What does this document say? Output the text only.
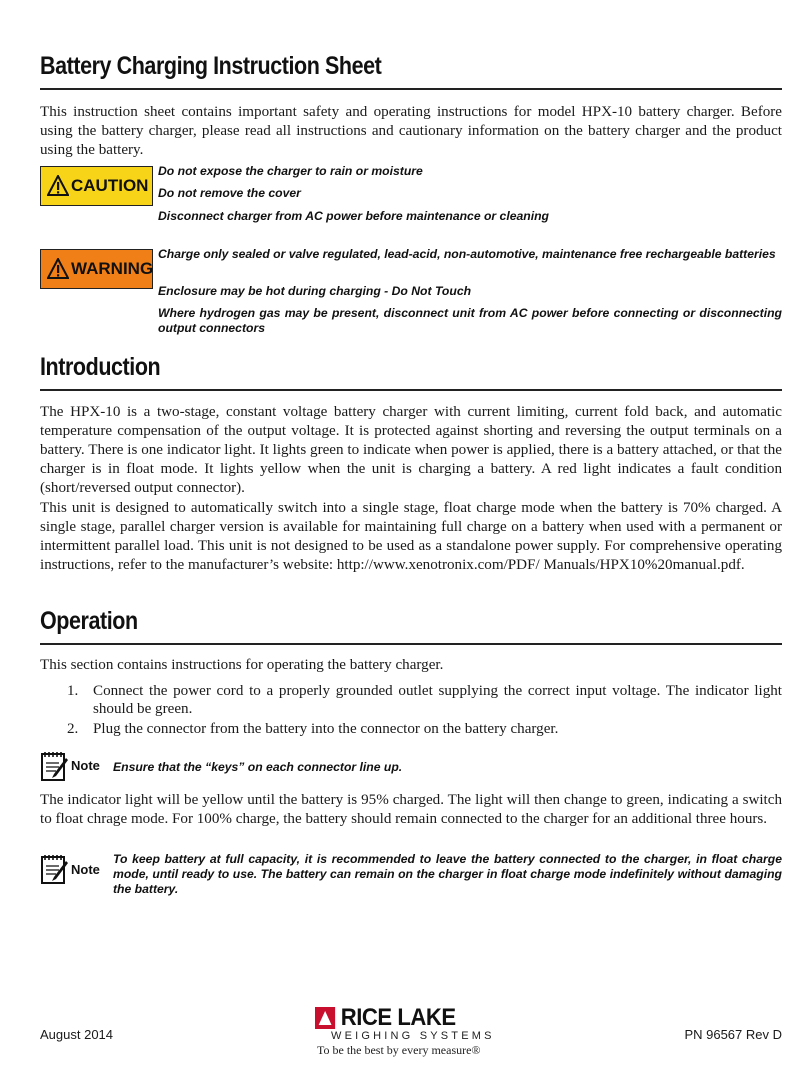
Battery Charging Instruction Sheet

This instruction sheet contains important safety and operating instructions for model HPX-10 battery charger. Before using the battery charger, please read all instructions and cautionary information on the battery charger and the product using the battery.

CAUTION

Do not expose the charger to rain or moisture

Do not remove the cover

Disconnect charger from AC power before maintenance or cleaning

WARNING

Charge only sealed or valve regulated, lead-acid, non-automotive, maintenance free rechargeable batteries

Enclosure may be hot during charging - Do Not Touch

Where hydrogen gas may be present, disconnect unit from AC power before connecting or disconnecting output connectors

Introduction

The HPX-10 is a two-stage, constant voltage battery charger with current limiting, current fold back, and automatic temperature compensation of the output voltage. It is protected against shorting and reversing the output terminals on a battery. There is one indicator light. It lights green to indicate when power is applied, there is a battery attached, or that the charger is in float mode. It lights yellow when the unit is charging a battery. A red light indicates a fault condition (short/reversed output connector).

This unit is designed to automatically switch into a single stage, float charge mode when the battery is 70% charged. A single stage, parallel charger version is available for maintaining full charge on a battery when used with a permanent or intermittent parallel load. This unit is not designed to be used as a standalone power supply. For comprehensive operating instructions, refer to the manufacturer’s website: http://www.xenotronix.com/PDF/ Manuals/HPX10%20manual.pdf.

Operation

This section contains instructions for operating the battery charger.

1. Connect the power cord to a properly grounded outlet supplying the correct input voltage. The indicator light should be green.
2. Plug the connector from the battery into the connector on the battery charger.
Note Ensure that the “keys” on each connector line up.

The indicator light will be yellow until the battery is 95% charged. The light will then change to green, indicating a switch to float chrage mode. For 100% charge, the battery should remain connected to the charger for an additional three hours.

Note

To keep battery at full capacity, it is recommended to leave the battery connected to the charger, in float charge mode, until ready to use. The battery can remain on the charger in float charge mode indefinitely without damaging the battery.

August 2014
RICE LAKE
WEIGHING SYSTEMS
To be the best by every measure®
PN 96567 Rev D
